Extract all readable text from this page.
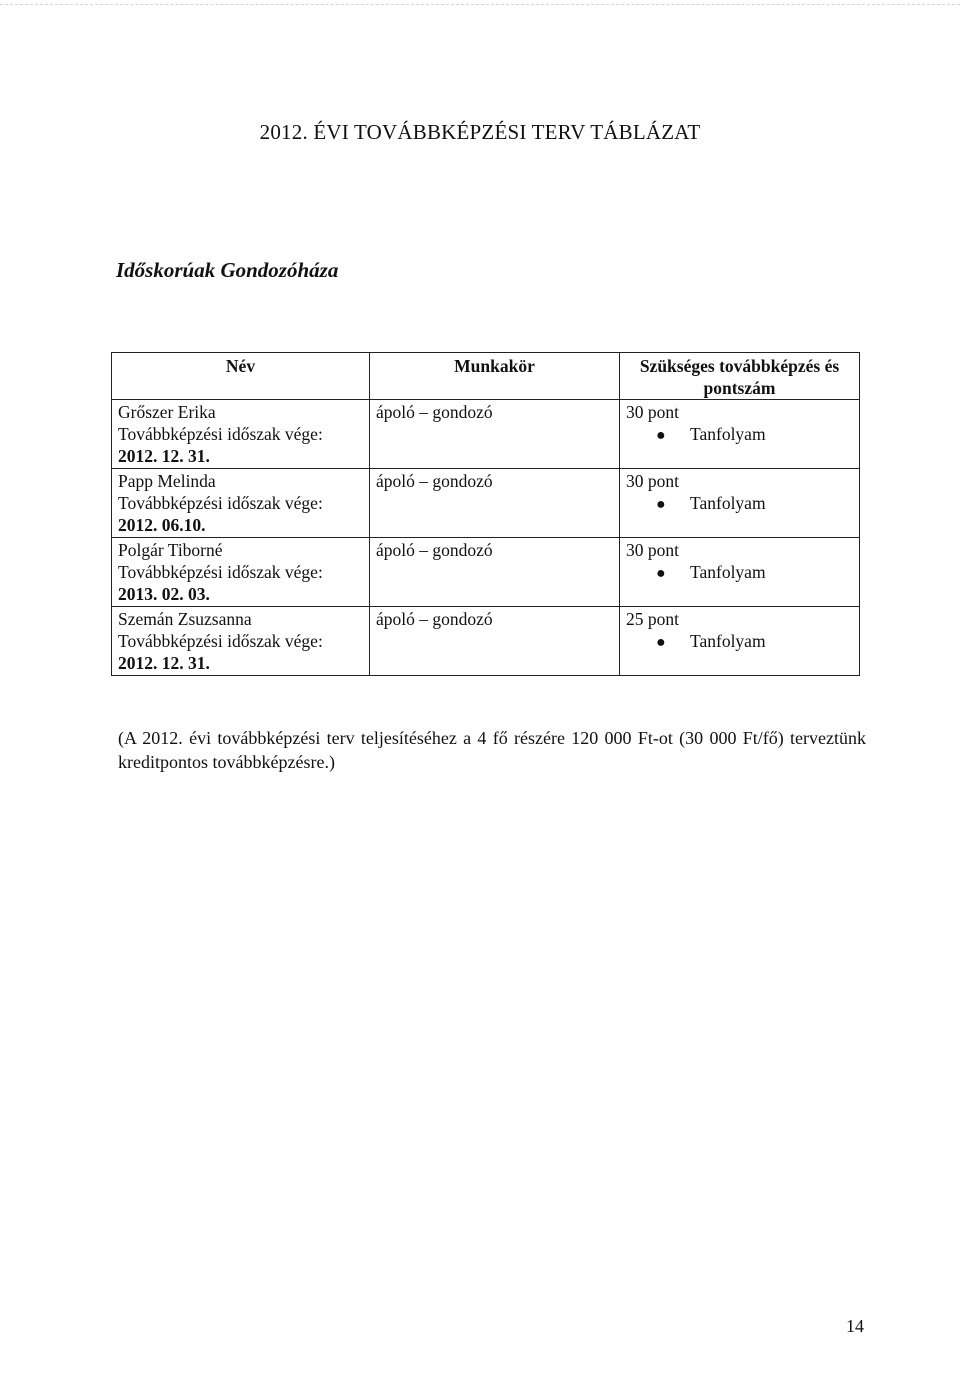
2012. ÉVI TOVÁBBKÉPZÉSI TERV TÁBLÁZAT
Időskorúak Gondozóháza
Név	Munkakör	Szükséges továbbképzés és pontszám

Grőszer Erika
Továbbképzési időszak vége:
2012. 12. 31.	ápoló – gondozó	30 pont
● Tanfolyam

Papp Melinda
Továbbképzési időszak vége:
2012. 06.10.	ápoló – gondozó	30 pont
● Tanfolyam

Polgár Tiborné
Továbbképzési időszak vége:
2013. 02. 03.	ápoló – gondozó	30 pont
● Tanfolyam

Szemán Zsuzsanna
Továbbképzési időszak vége:
2012. 12. 31.	ápoló – gondozó	25 pont
● Tanfolyam
(A 2012. évi továbbképzési terv teljesítéséhez a 4 fő részére 120 000 Ft-ot (30 000 Ft/fő) terveztünk kreditpontos továbbképzésre.)
14
